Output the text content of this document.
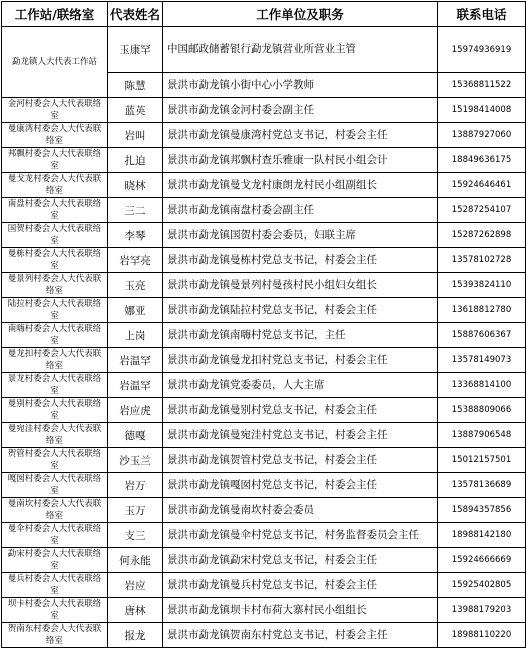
工作站/联络室	代表姓名	工作单位及职务	联系电话

勐龙镇人大代表工作站	玉康罕	中国邮政储蓄银行勐龙镇营业所营业主管	15974936919
	陈慧	景洪市勐龙镇小街中心小学教师	15368811522

金河村委会人大代表联络室	蓝英	景洪市勐龙镇金河村委会副主任	15198414008

曼康湾村委会人大代表联络室	岩叫	景洪市勐龙镇曼康湾村党总支书记，村委会主任	13887927060

邦飘村委会人大代表联络室	扎迫	景洪市勐龙镇邦飘村查乐雅康一队村民小组会计	18849636175

曼戈龙村委会人大代表联络室	晓林	景洪市勐龙镇曼戈龙村康朗龙村民小组副组长	15924646461

南盘村委会人大代表联络室	三二	景洪市勐龙镇南盘村委会副主任	15287254107

国贺村委会人大代表联络室	李琴	景洪市勐龙镇国贺村委会委员，妇联主席	15287262898

曼栋村委会人大代表联络室	岩罕亮	景洪市勐龙镇曼栋村党总支书记，村委会主任	13578102728

曼景列村委会人大代表联络室	玉亮	景洪市勐龙镇曼景列村曼孩村民小组妇女组长	15393824110

陆拉村委会人大代表联络室	娜亚	景洪市勐龙镇陆拉村党总支书记，村委会主任	13618812780

南嗨村委会人大代表联络室	上岗	景洪市勐龙镇南嗨村党总支书记，主任	15887606367

曼龙扣村委会人大代表联络室	岩温罕	景洪市勐龙镇曼龙扣村党总支书记，村委会主任	13578149073

景龙村委会人大代表联络室	岩温罕	景洪市勐龙镇党委委员，人大主席	13368814100

曼别村委会人大代表联络室	岩应虎	景洪市勐龙镇曼别村党总支书记，村委会主任	15388809066

曼宛洼村委会人大代表联络室	德嘎	景洪市勐龙镇曼宛洼村党总支书记，村委会主任	13887906548

贺管村委会人大代表联络室	沙玉兰	景洪市勐龙镇贺管村党总支书记，村委会主任	15012157501

嘎囡村委会人大代表联络室	岩万	景洪市勐龙镇嘎囡村党总支书记，村委会主任	13578136689

曼南坎村委会人大代表联络室	玉万	景洪市勐龙镇曼南坎村委会委员	15894357856

曼伞村委会人大代表联络室	支三	景洪市勐龙镇曼伞村党总支书记，村务监督委员会主任	18988142180

勐宋村委会人大代表联络室	何永能	景洪市勐龙镇勐宋村党总支书记，村委会主任	15924666669

曼兵村委会人大代表联络室	岩应	景洪市勐龙镇曼兵村党总支书记，村委会主任	15925402805

坝卡村委会人大代表联络室	唐林	景洪市勐龙镇坝卡村布荷大寨村民小组组长	13988179203

贺南东村委会人大代表联络室	报龙	景洪市勐龙镇贺南东村党总支书记，村委会主任	18988110220
